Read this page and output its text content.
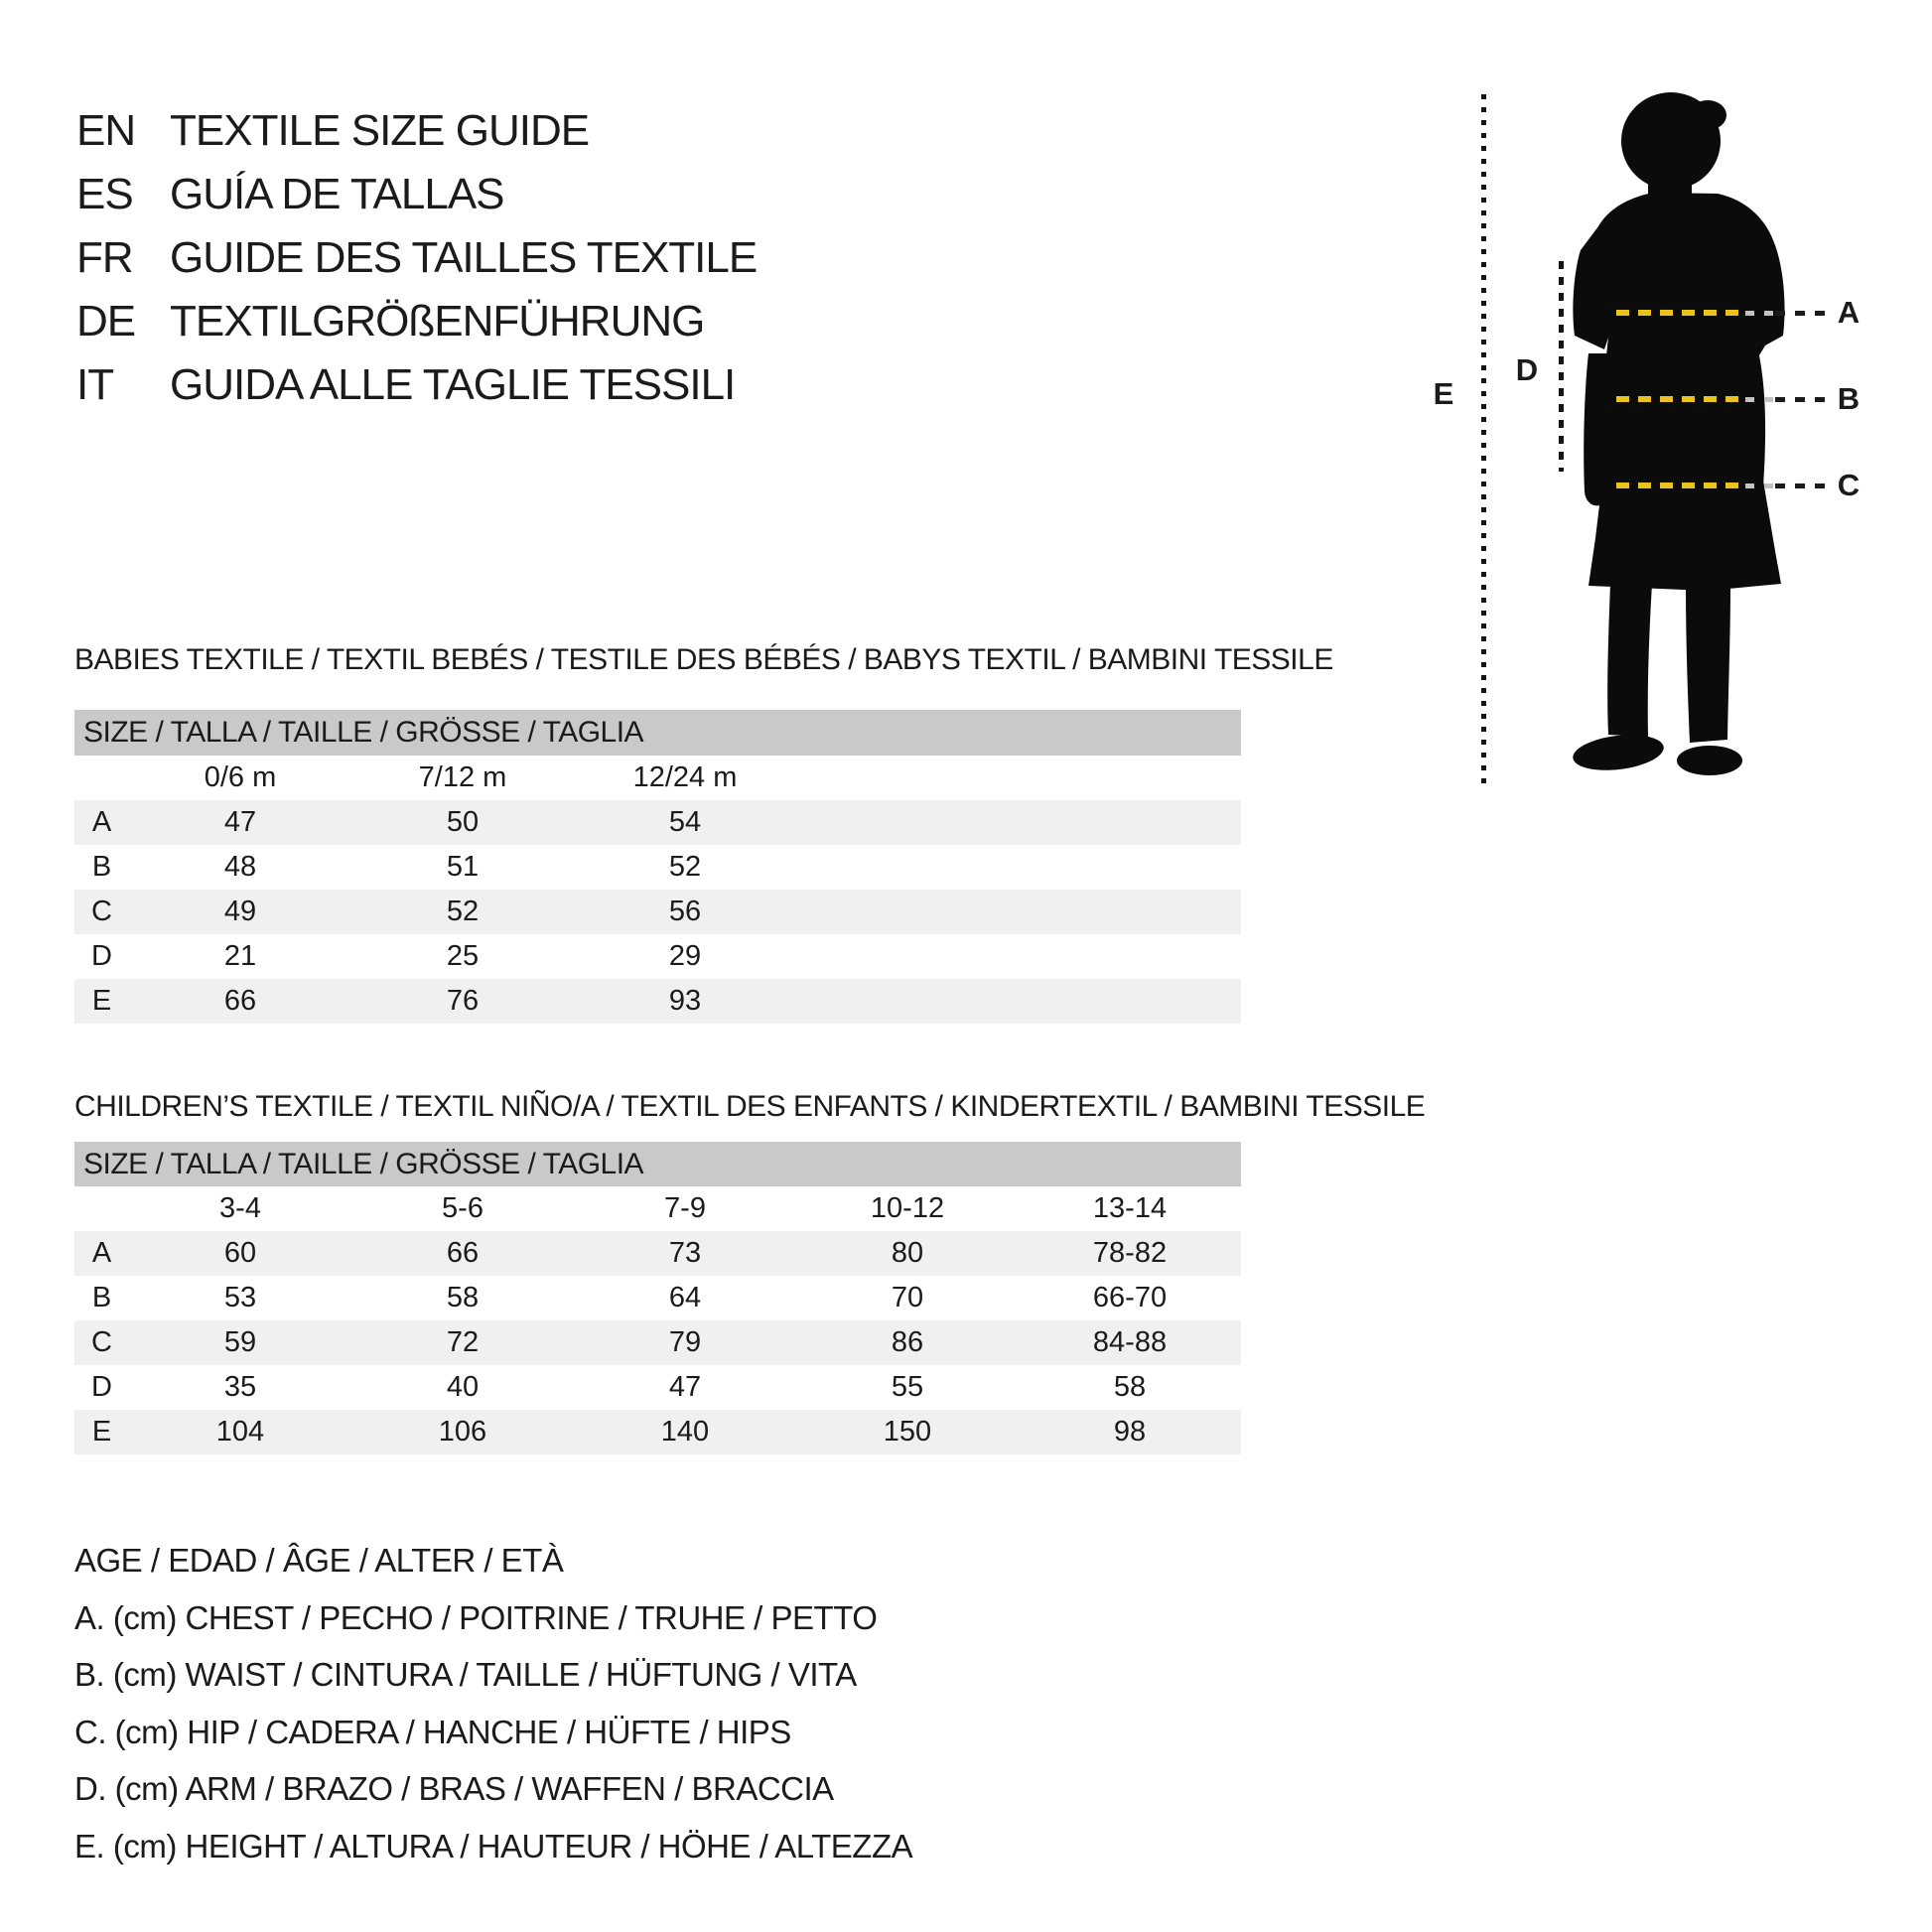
EN TEXTILE SIZE GUIDE
ES GUÍA DE TALLAS
FR GUIDE DES TAILLES TEXTILE
DE TEXTILGRÖßENFÜHRUNG
IT	GUIDA ALLE TAGLIE TESSILI	E
D
A
B
C
BABIES TEXTILE / TEXTIL BEBÉS / TESTILE DES BÉBÉS / BABYS TEXTIL / BAMBINI TESSILE
SIZE / TALLA / TAILLE / GRÖSSE / TAGLIA
	0/6 m	7/12 m	12/24 m	
A	47	50	54	
B	48	51	52	
C	49	52	56	
D	21	25	29	
E	66	76	93	
CHILDREN’S TEXTILE / TEXTIL NIÑO/A / TEXTIL DES ENFANTS / KINDERTEXTIL / BAMBINI TESSILE
SIZE / TALLA / TAILLE / GRÖSSE / TAGLIA
	3-4	5-6	7-9	10-12	13-14
A	60	66	73	80	78-82
B	53	58	64	70	66-70
C	59	72	79	86	84-88
D	35	40	47	55	58
E	104	106	140	150	98
AGE / EDAD / ÂGE / ALTER / ETÀ
A. (cm) CHEST / PECHO / POITRINE / TRUHE / PETTO
B. (cm) WAIST / CINTURA / TAILLE / HÜFTUNG / VITA
C. (cm) HIP / CADERA / HANCHE / HÜFTE / HIPS
D. (cm) ARM / BRAZO / BRAS / WAFFEN / BRACCIA
E. (cm) HEIGHT / ALTURA / HAUTEUR / HÖHE / ALTEZZA
